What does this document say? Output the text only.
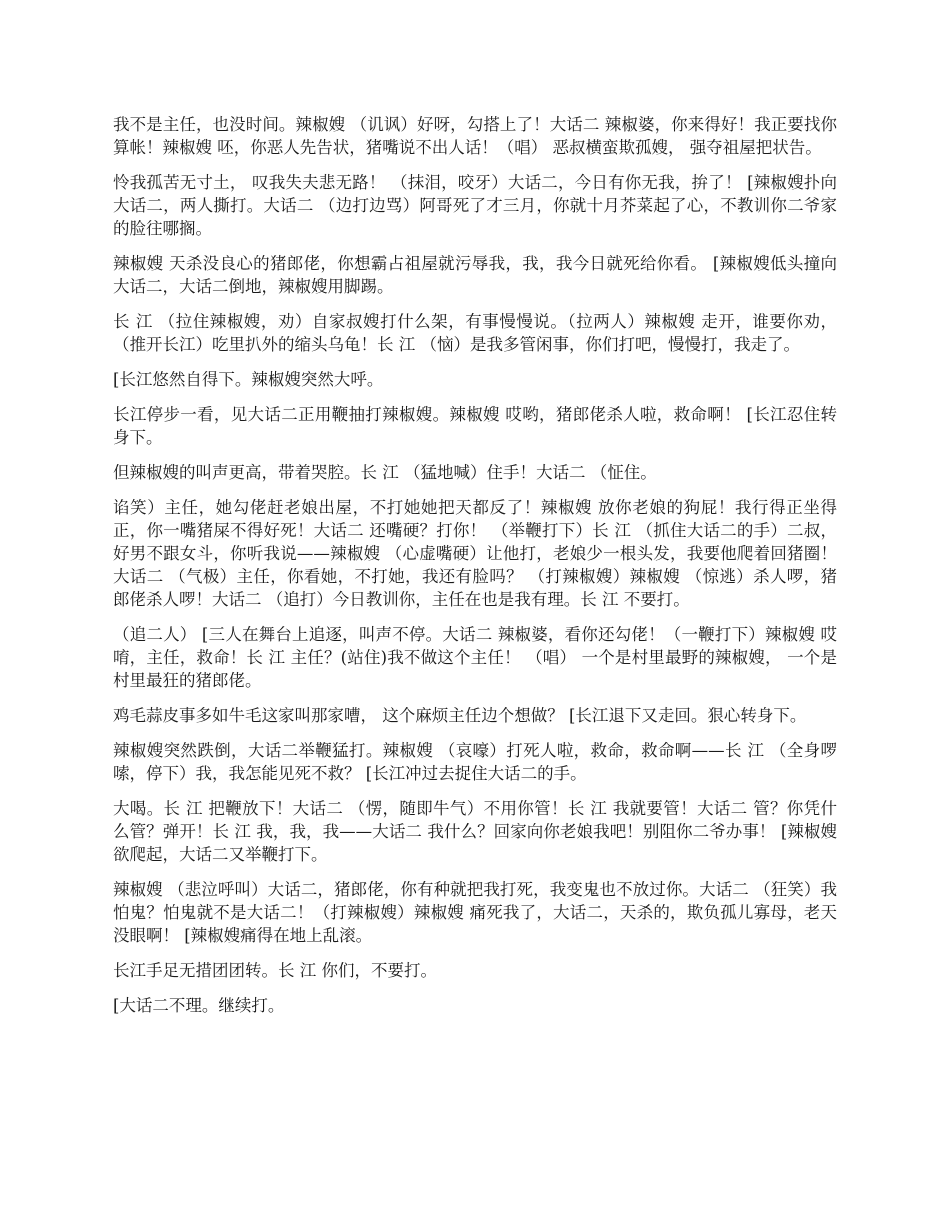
我不是主任，也没时间。辣椒嫂 （讥讽）好呀，勾搭上了！大话二 辣椒婆，你来得好！我正要找你算帐！辣椒嫂 呸，你恶人先告状，猪嘴说不出人话！（唱） 恶叔横蛮欺孤嫂， 强夺祖屋把状告。

怜我孤苦无寸土， 叹我失夫悲无路！ （抹泪，咬牙）大话二，今日有你无我，拚了！ [辣椒嫂扑向大话二，两人撕打。大话二 （边打边骂）阿哥死了才三月，你就十月芥菜起了心，不教训你二爷家的脸往哪搁。

辣椒嫂 天杀没良心的猪郎佬，你想霸占祖屋就污辱我，我，我今日就死给你看。 [辣椒嫂低头撞向大话二，大话二倒地，辣椒嫂用脚踢。

长 江 （拉住辣椒嫂，劝）自家叔嫂打什么架，有事慢慢说。（拉两人）辣椒嫂 走开，谁要你劝，（推开长江）吃里扒外的缩头乌龟！长 江 （恼）是我多管闲事，你们打吧，慢慢打，我走了。

[长江悠然自得下。辣椒嫂突然大呼。

长江停步一看，见大话二正用鞭抽打辣椒嫂。辣椒嫂 哎哟，猪郎佬杀人啦，救命啊！ [长江忍住转身下。

但辣椒嫂的叫声更高，带着哭腔。长 江 （猛地喊）住手！大话二 （怔住。

谄笑）主任，她勾佬赶老娘出屋，不打她她把天都反了！辣椒嫂 放你老娘的狗屁！我行得正坐得正，你一嘴猪屎不得好死！大话二 还嘴硬？打你！ （举鞭打下）长 江 （抓住大话二的手）二叔，好男不跟女斗，你听我说——辣椒嫂 （心虚嘴硬）让他打，老娘少一根头发，我要他爬着回猪圈！大话二 （气极）主任，你看她，不打她，我还有脸吗？ （打辣椒嫂）辣椒嫂 （惊逃）杀人啰，猪郎佬杀人啰！大话二 （追打）今日教训你，主任在也是我有理。长 江 不要打。

（追二人） [三人在舞台上追逐，叫声不停。大话二 辣椒婆，看你还勾佬！（一鞭打下）辣椒嫂 哎唷，主任，救命！长 江 主任？(站住)我不做这个主任！ （唱） 一个是村里最野的辣椒嫂， 一个是村里最狂的猪郎佬。

鸡毛蒜皮事多如牛毛这家叫那家嘈， 这个麻烦主任边个想做？ [长江退下又走回。狠心转身下。

辣椒嫂突然跌倒，大话二举鞭猛打。辣椒嫂 （哀嚎）打死人啦，救命，救命啊——长 江 （全身啰嗦，停下）我，我怎能见死不救？ [长江冲过去捉住大话二的手。

大喝。长 江 把鞭放下！大话二 （愣，随即牛气）不用你管！长 江 我就要管！大话二 管？你凭什么管？弹开！长 江 我，我，我——大话二 我什么？回家向你老娘我吧！别阻你二爷办事！ [辣椒嫂欲爬起，大话二又举鞭打下。

辣椒嫂 （悲泣呼叫）大话二，猪郎佬，你有种就把我打死，我变鬼也不放过你。大话二 （狂笑）我怕鬼？怕鬼就不是大话二！（打辣椒嫂）辣椒嫂 痛死我了，大话二，天杀的，欺负孤儿寡母，老天没眼啊！ [辣椒嫂痛得在地上乱滚。

长江手足无措团团转。长 江 你们，不要打。

[大话二不理。继续打。
